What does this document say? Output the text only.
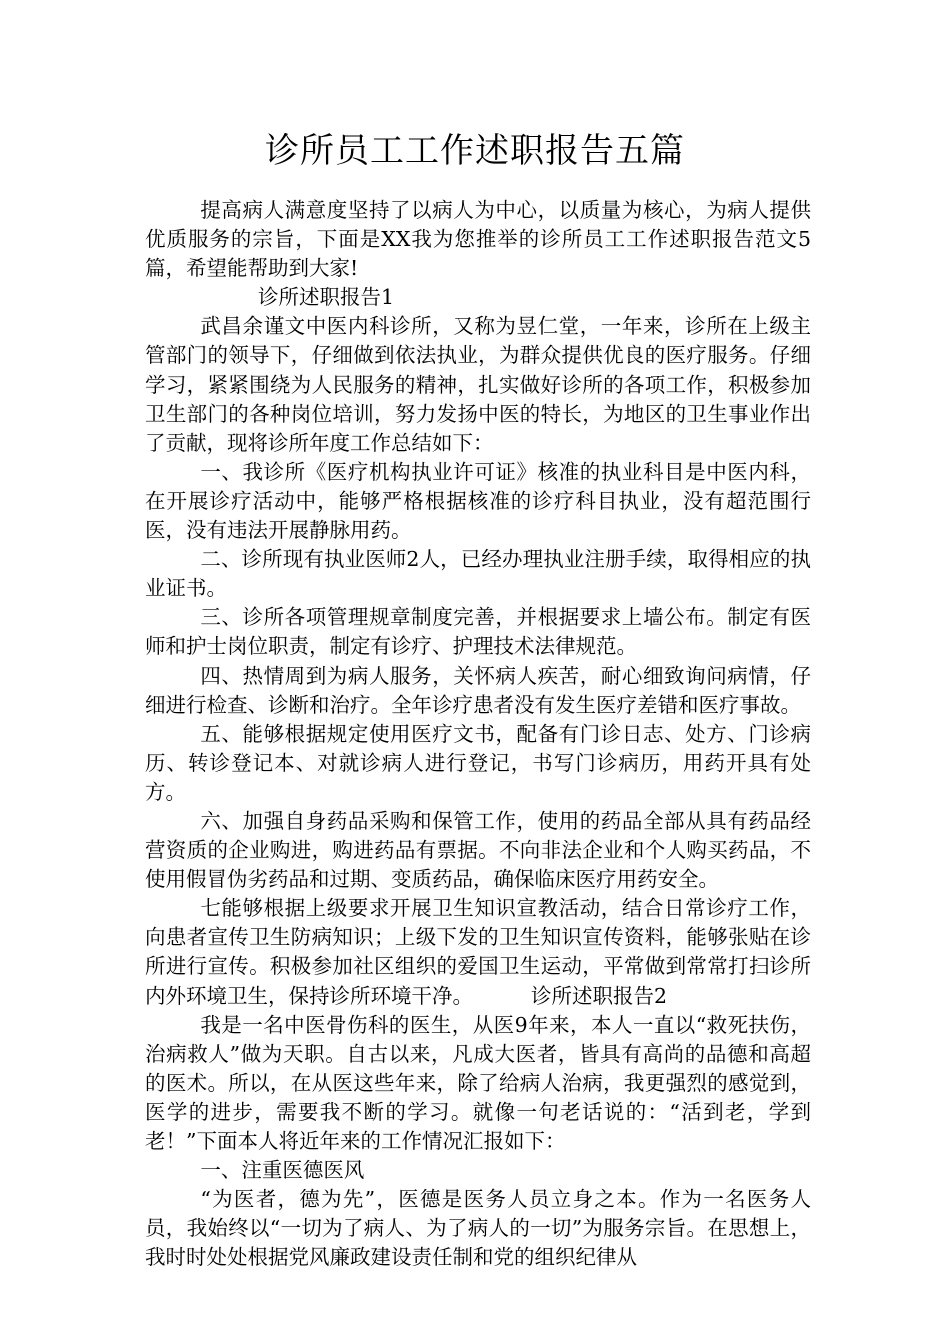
诊所员工工作述职报告五篇

提高病人满意度坚持了以病人为中心，以质量为核心，为病人提供优质服务的宗旨，下面是XX我为您推举的诊所员工工作述职报告范文5篇，希望能帮助到大家!

诊所述职报告1

武昌余谨文中医内科诊所，又称为昱仁堂，一年来，诊所在上级主管部门的领导下，仔细做到依法执业，为群众提供优良的医疗服务。仔细学习，紧紧围绕为人民服务的精神，扎实做好诊所的各项工作，积极参加卫生部门的各种岗位培训，努力发扬中医的特长，为地区的卫生事业作出了贡献，现将诊所年度工作总结如下：

一、我诊所《医疗机构执业许可证》核准的执业科目是中医内科，在开展诊疗活动中，能够严格根据核准的诊疗科目执业，没有超范围行医，没有违法开展静脉用药。

二、诊所现有执业医师2人，已经办理执业注册手续，取得相应的执业证书。

三、诊所各项管理规章制度完善，并根据要求上墙公布。制定有医师和护士岗位职责，制定有诊疗、护理技术法律规范。

四、热情周到为病人服务，关怀病人疾苦，耐心细致询问病情，仔细进行检查、诊断和治疗。全年诊疗患者没有发生医疗差错和医疗事故。

五、能够根据规定使用医疗文书，配备有门诊日志、处方、门诊病历、转诊登记本、对就诊病人进行登记，书写门诊病历，用药开具有处方。

六、加强自身药品采购和保管工作，使用的药品全部从具有药品经营资质的企业购进，购进药品有票据。不向非法企业和个人购买药品，不使用假冒伪劣药品和过期、变质药品，确保临床医疗用药安全。

七能够根据上级要求开展卫生知识宣教活动，结合日常诊疗工作，向患者宣传卫生防病知识；上级下发的卫生知识宣传资料，能够张贴在诊所进行宣传。积极参加社区组织的爱国卫生运动，平常做到常常打扫诊所内外环境卫生，保持诊所环境干净。	诊所述职报告2

我是一名中医骨伤科的医生，从医9年来，本人一直以“救死扶伤，治病救人”做为天职。自古以来，凡成大医者，皆具有高尚的品德和高超的医术。所以，在从医这些年来，除了给病人治病，我更强烈的感觉到，医学的进步，需要我不断的学习。就像一句老话说的：“活到老，学到老！”下面本人将近年来的工作情况汇报如下：

一、注重医德医风

“为医者，德为先”，医德是医务人员立身之本。作为一名医务人员，我始终以“一切为了病人、为了病人的一切”为服务宗旨。在思想上，我时时处处根据党风廉政建设责任制和党的组织纪律从
